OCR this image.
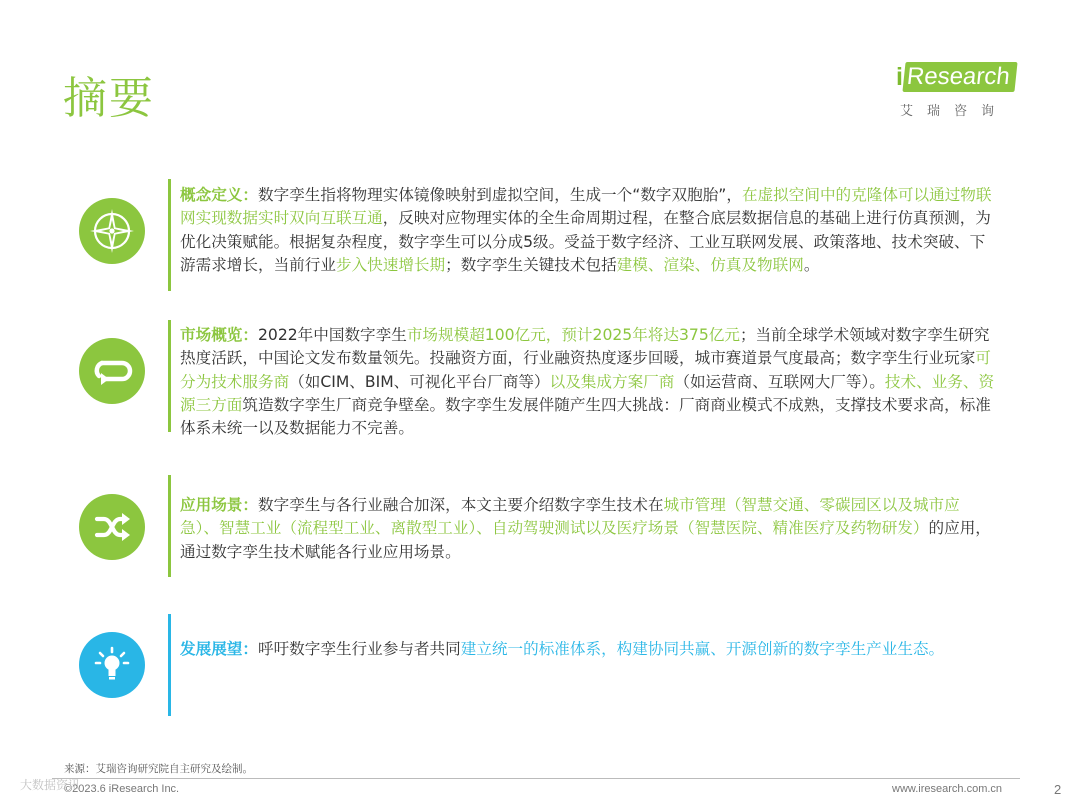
摘要	i Research
艾瑞咨询
概念定义：数字孪生指将物理实体镜像映射到虚拟空间，生成一个“数字双胞胎”，在虚拟空间中的克隆体可以通过物联网实现数据实时双向互联互通，反映对应物理实体的全生命周期过程，在整合底层数据信息的基础上进行仿真预测，为优化决策赋能。根据复杂程度，数字孪生可以分成5级。受益于数字经济、工业互联网发展、政策落地、技术突破、下游需求增长，当前行业步入快速增长期；数字孪生关键技术包括建模、渲染、仿真及物联网。
市场概览：2022年中国数字孪生市场规模超100亿元，预计2025年将达375亿元；当前全球学术领域对数字孪生研究热度活跃，中国论文发布数量领先。投融资方面，行业融资热度逐步回暖，城市赛道景气度最高；数字孪生行业玩家可分为技术服务商（如CIM、BIM、可视化平台厂商等）以及集成方案厂商（如运营商、互联网大厂等）。技术、业务、资源三方面筑造数字孪生厂商竞争壁垒。数字孪生发展伴随产生四大挑战：厂商商业模式不成熟，支撑技术要求高，标准体系未统一以及数据能力不完善。
应用场景：数字孪生与各行业融合加深，本文主要介绍数字孪生技术在城市管理（智慧交通、零碳园区以及城市应急）、智慧工业（流程型工业、离散型工业）、自动驾驶测试以及医疗场景（智慧医院、精准医疗及药物研发）的应用，通过数字孪生技术赋能各行业应用场景。
发展展望：呼吁数字孪生行业参与者共同建立统一的标准体系，构建协同共赢、开源创新的数字孪生产业生态。
来源：艾瑞咨询研究院自主研究及绘制。
©2023.6 iResearch Inc.
大数据资讯	www.iresearch.com.cn	2
